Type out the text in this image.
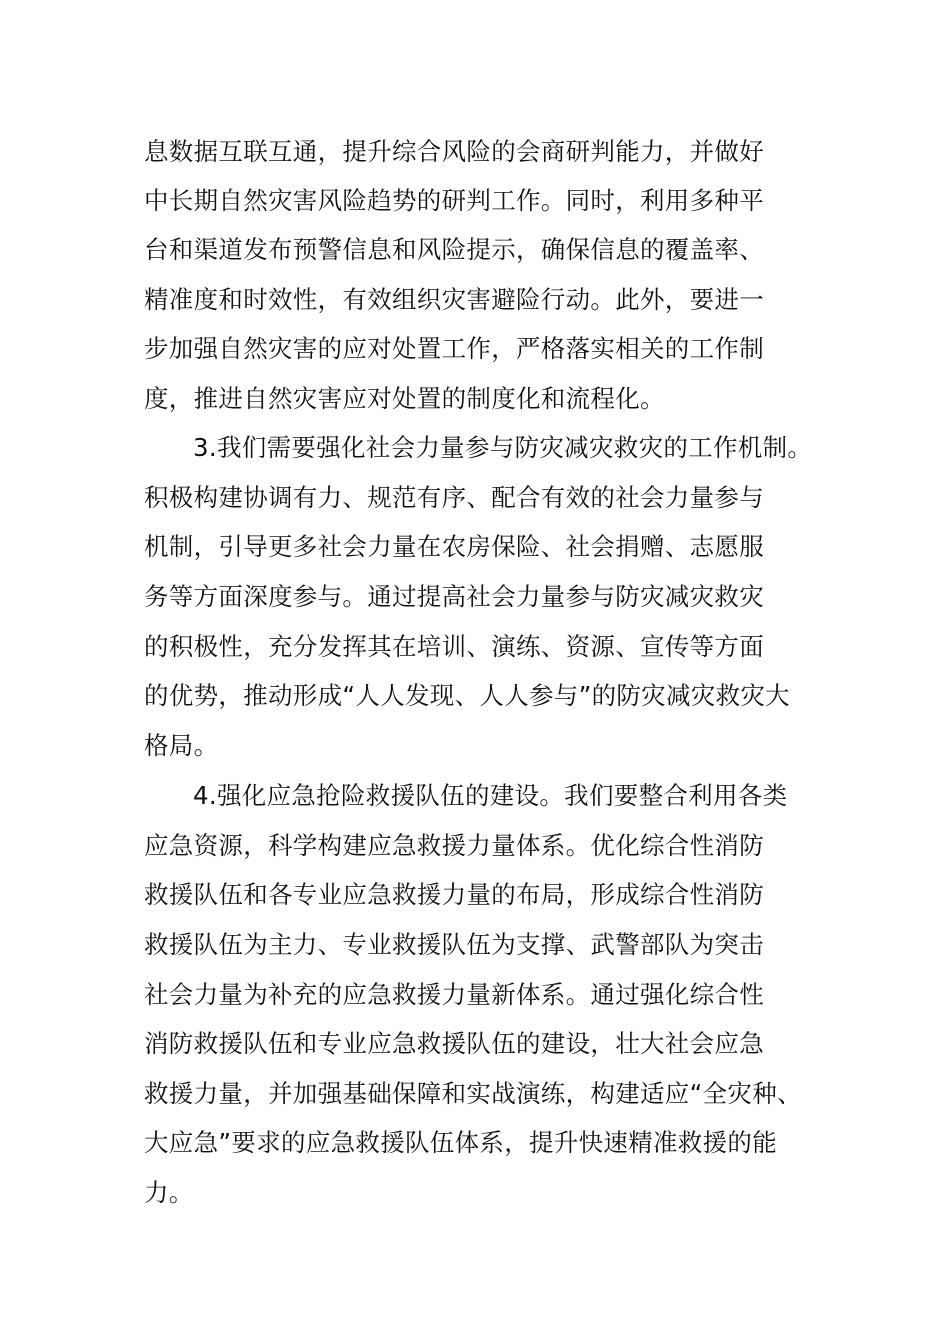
息数据互联互通，提升综合风险的会商研判能力，并做好
中长期自然灾害风险趋势的研判工作。同时，利用多种平
台和渠道发布预警信息和风险提示，确保信息的覆盖率、
精准度和时效性，有效组织灾害避险行动。此外，要进一
步加强自然灾害的应对处置工作，严格落实相关的工作制
度，推进自然灾害应对处置的制度化和流程化。
3.我们需要强化社会力量参与防灾减灾救灾的工作机制。
积极构建协调有力、规范有序、配合有效的社会力量参与
机制，引导更多社会力量在农房保险、社会捐赠、志愿服
务等方面深度参与。通过提高社会力量参与防灾减灾救灾
的积极性，充分发挥其在培训、演练、资源、宣传等方面
的优势，推动形成“人人发现、人人参与”的防灾减灾救灾大
格局。
4.强化应急抢险救援队伍的建设。我们要整合利用各类
应急资源，科学构建应急救援力量体系。优化综合性消防
救援队伍和各专业应急救援力量的布局，形成综合性消防
救援队伍为主力、专业救援队伍为支撑、武警部队为突击
社会力量为补充的应急救援力量新体系。通过强化综合性
消防救援队伍和专业应急救援队伍的建设，壮大社会应急
救援力量，并加强基础保障和实战演练，构建适应“全灾种、
大应急”要求的应急救援队伍体系，提升快速精准救援的能
力。
